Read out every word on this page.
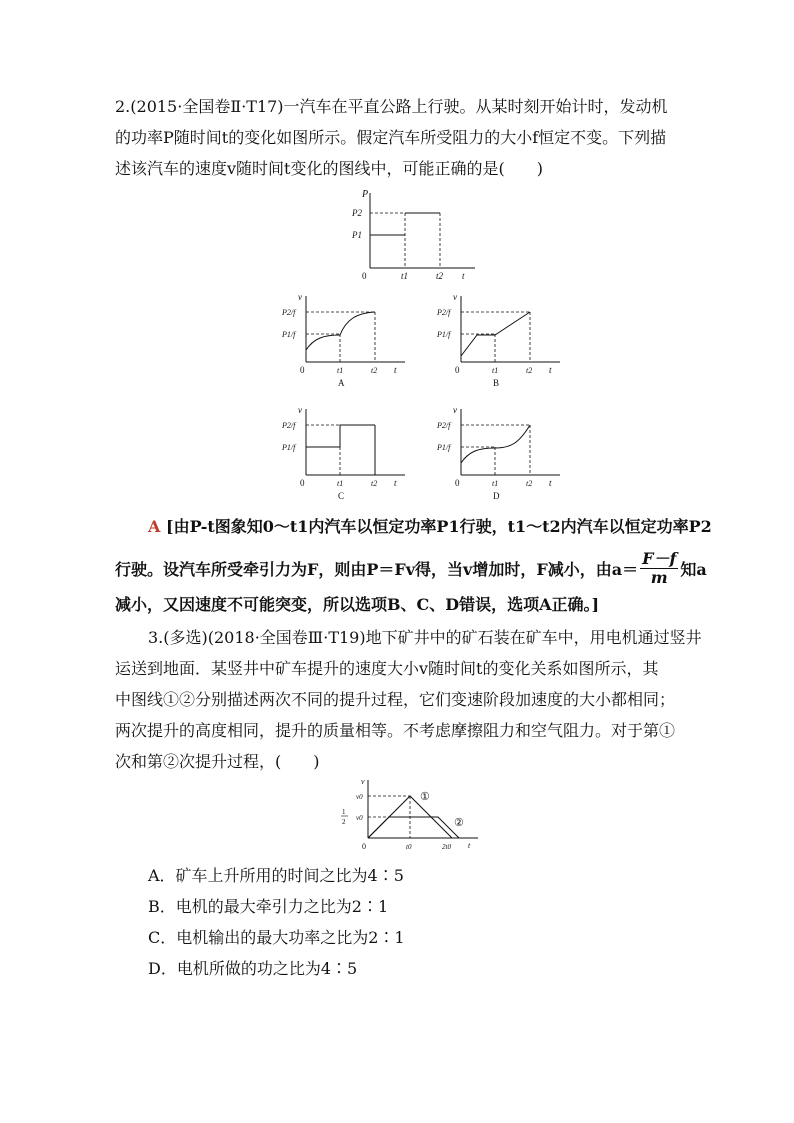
2.(2015·全国卷Ⅱ·T17)一汽车在平直公路上行驶。从某时刻开始计时，发动机
的功率P随时间t的变化如图所示。假定汽车所受阻力的大小f恒定不变。下列描
述该汽车的速度v随时间t变化的图线中，可能正确的是(　　)
P
P2
P1
0	t1	t2 t
v
P2/f
P1/f
0	t1	t2 t
A
v
P2/f
P1/f
0	t1	t2 t
B
v
P2/f
P1/f
0	t1	t2 t
C
v
P2/f
P1/f
0	t1	t2 t
D
A [由P-t图象知0～t1内汽车以恒定功率P1行驶，t1～t2内汽车以恒定功率P2
行驶。设汽车所受牵引力为F，则由P＝Fv得，当v增加时，F减小，由$a= \frac{F-f}{m}$ 知a
减小，又因速度不可能突变，所以选项B、C、D错误，选项A正确。]
3.(多选)(2018·全国卷Ⅲ·T19)地下矿井中的矿石装在矿车中，用电机通过竖井
运送到地面．某竖井中矿车提升的速度大小v随时间t的变化关系如图所示，其
中图线①②分别描述两次不同的提升过程，它们变速阶段加速度的大小都相同；
两次提升的高度相同，提升的质量相等。不考虑摩擦阻力和空气阻力。对于第①
次和第②次提升过程，(　　)
v
v0
1
2 v0
0	t0	2t0 t
①
②
A．矿车上升所用的时间之比为4∶5
B．电机的最大牵引力之比为2∶1
C．电机输出的最大功率之比为2∶1
D．电机所做的功之比为4∶5
